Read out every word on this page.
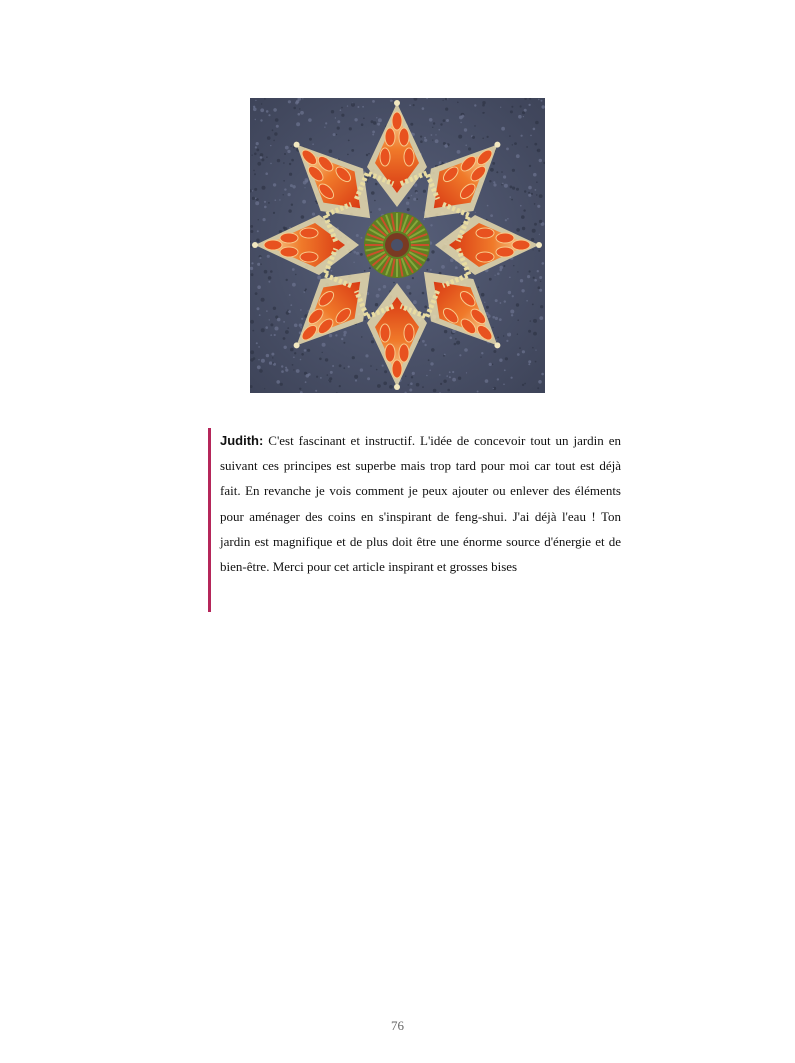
Judith: C'est fascinant et instructif. L'idée de concevoir tout un jardin en suivant ces principes est superbe mais trop tard pour moi car tout est déjà fait. En revanche je vois comment je peux ajouter ou enlever des éléments pour aménager des coins en s'inspirant de feng-shui. J'ai déjà l'eau ! Ton jardin est magnifique et de plus doit être une énorme source d'énergie et de bien-être. Merci pour cet article inspirant et grosses bises

76
